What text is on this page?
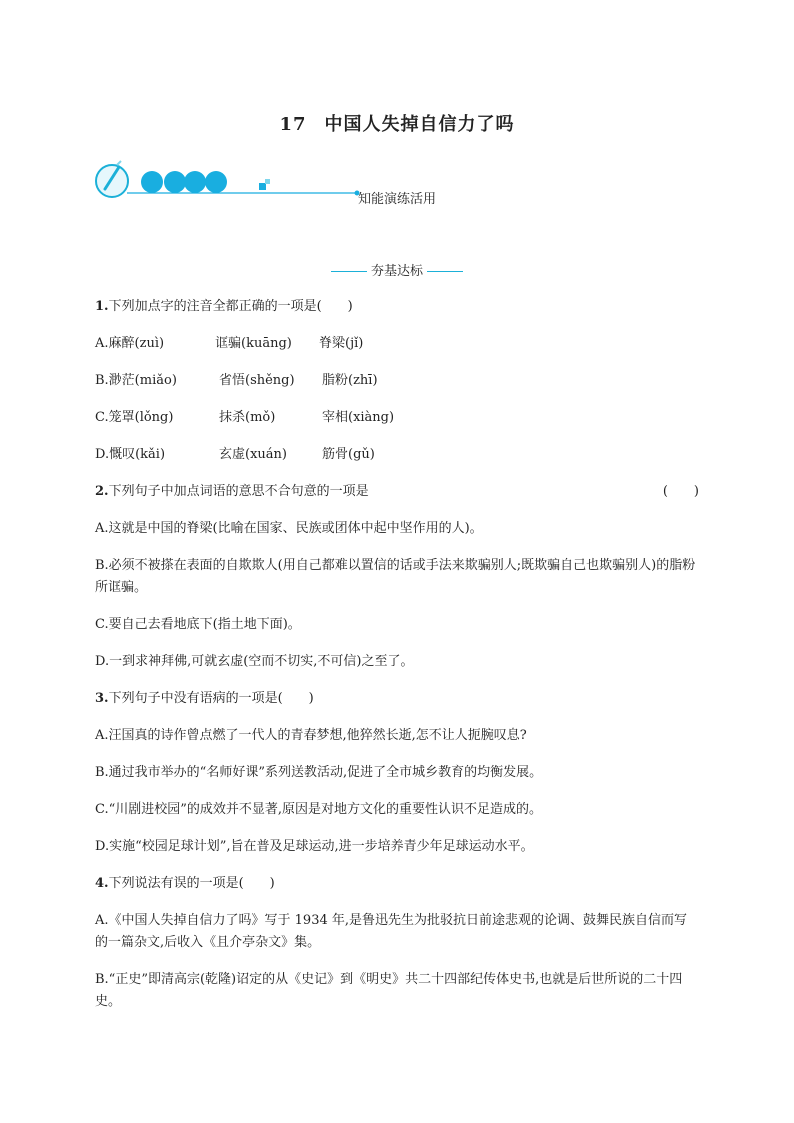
17 中国人失掉自信力了吗
知能演练活用
夯基达标

1.下列加点字的注音全都正确的一项是(　　)

A.麻醉(zuì)	诓骗(kuāng) 脊梁(jǐ)

B.渺茫(miǎo)	省悟(shěng) 脂粉(zhī)

C.笼罩(lǒng)	抹杀(mǒ)	宰相(xiàng)

D.慨叹(kǎi)	玄虚(xuán)	筋骨(gǔ)

(　　)
2.下列句子中加点词语的意思不合句意的一项是

A.这就是中国的脊梁(比喻在国家、民族或团体中起中坚作用的人)。

B.必须不被搽在表面的自欺欺人(用自己都难以置信的话或手法来欺骗别人;既欺骗自己也欺骗别人)的脂粉所诓骗。

C.要自己去看地底下(指土地下面)。

D.一到求神拜佛,可就玄虚(空而不切实,不可信)之至了。

3.下列句子中没有语病的一项是(　　)

A.汪国真的诗作曾点燃了一代人的青春梦想,他猝然长逝,怎不让人扼腕叹息?

B.通过我市举办的“名师好课”系列送教活动,促进了全市城乡教育的均衡发展。

C.“川剧进校园”的成效并不显著,原因是对地方文化的重要性认识不足造成的。

D.实施“校园足球计划”,旨在普及足球运动,进一步培养青少年足球运动水平。

4.下列说法有误的一项是(　　)

A.《中国人失掉自信力了吗》写于 1934 年,是鲁迅先生为批驳抗日前途悲观的论调、鼓舞民族自信而写的一篇杂文,后收入《且介亭杂文》集。

B.“正史”即清高宗(乾隆)诏定的从《史记》到《明史》共二十四部纪传体史书,也就是后世所说的二十四史。
